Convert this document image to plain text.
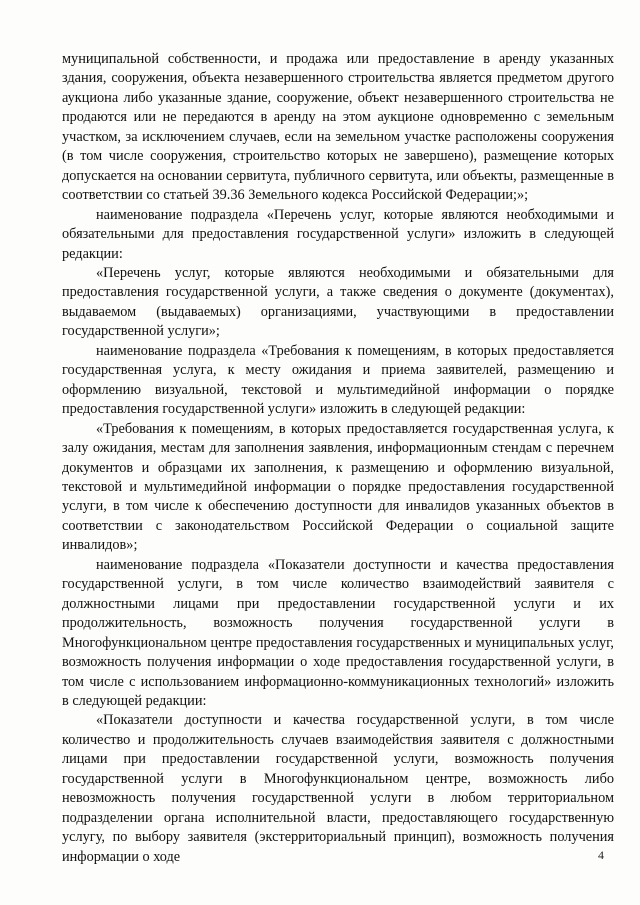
муниципальной собственности, и продажа или предоставление в аренду указанных здания, сооружения, объекта незавершенного строительства является предметом другого аукциона либо указанные здание, сооружение, объект незавершенного строительства не продаются или не передаются в аренду на этом аукционе одновременно с земельным участком, за исключением случаев, если на земельном участке расположены сооружения (в том числе сооружения, строительство которых не завершено), размещение которых допускается на основании сервитута, публичного сервитута, или объекты, размещенные в соответствии со статьей 39.36 Земельного кодекса Российской Федерации;»;

наименование подраздела «Перечень услуг, которые являются необходимыми и обязательными для предоставления государственной услуги» изложить в следующей редакции:

«Перечень услуг, которые являются необходимыми и обязательными для предоставления государственной услуги, а также сведения о документе (документах), выдаваемом (выдаваемых) организациями, участвующими в предоставлении государственной услуги»;

наименование подраздела «Требования к помещениям, в которых предоставляется государственная услуга, к месту ожидания и приема заявителей, размещению и оформлению визуальной, текстовой и мультимедийной информации о порядке предоставления государственной услуги» изложить в следующей редакции:

«Требования к помещениям, в которых предоставляется государственная услуга, к залу ожидания, местам для заполнения заявления, информационным стендам с перечнем документов и образцами их заполнения, к размещению и оформлению визуальной, текстовой и мультимедийной информации о порядке предоставления государственной услуги, в том числе к обеспечению доступности для инвалидов указанных объектов в соответствии с законодательством Российской Федерации о социальной защите инвалидов»;

наименование подраздела «Показатели доступности и качества предоставления государственной услуги, в том числе количество взаимодействий заявителя с должностными лицами при предоставлении государственной услуги и их продолжительность, возможность получения государственной услуги в Многофункциональном центре предоставления государственных и муниципальных услуг, возможность получения информации о ходе предоставления государственной услуги, в том числе с использованием информационно-коммуникационных технологий» изложить в следующей редакции:

«Показатели доступности и качества государственной услуги, в том числе количество и продолжительность случаев взаимодействия заявителя с должностными лицами при предоставлении государственной услуги, возможность получения государственной услуги в Многофункциональном центре, возможность либо невозможность получения государственной услуги в любом территориальном подразделении органа исполнительной власти, предоставляющего государственную услугу, по выбору заявителя (экстерриториальный принцип), возможность получения информации о ходе	4
